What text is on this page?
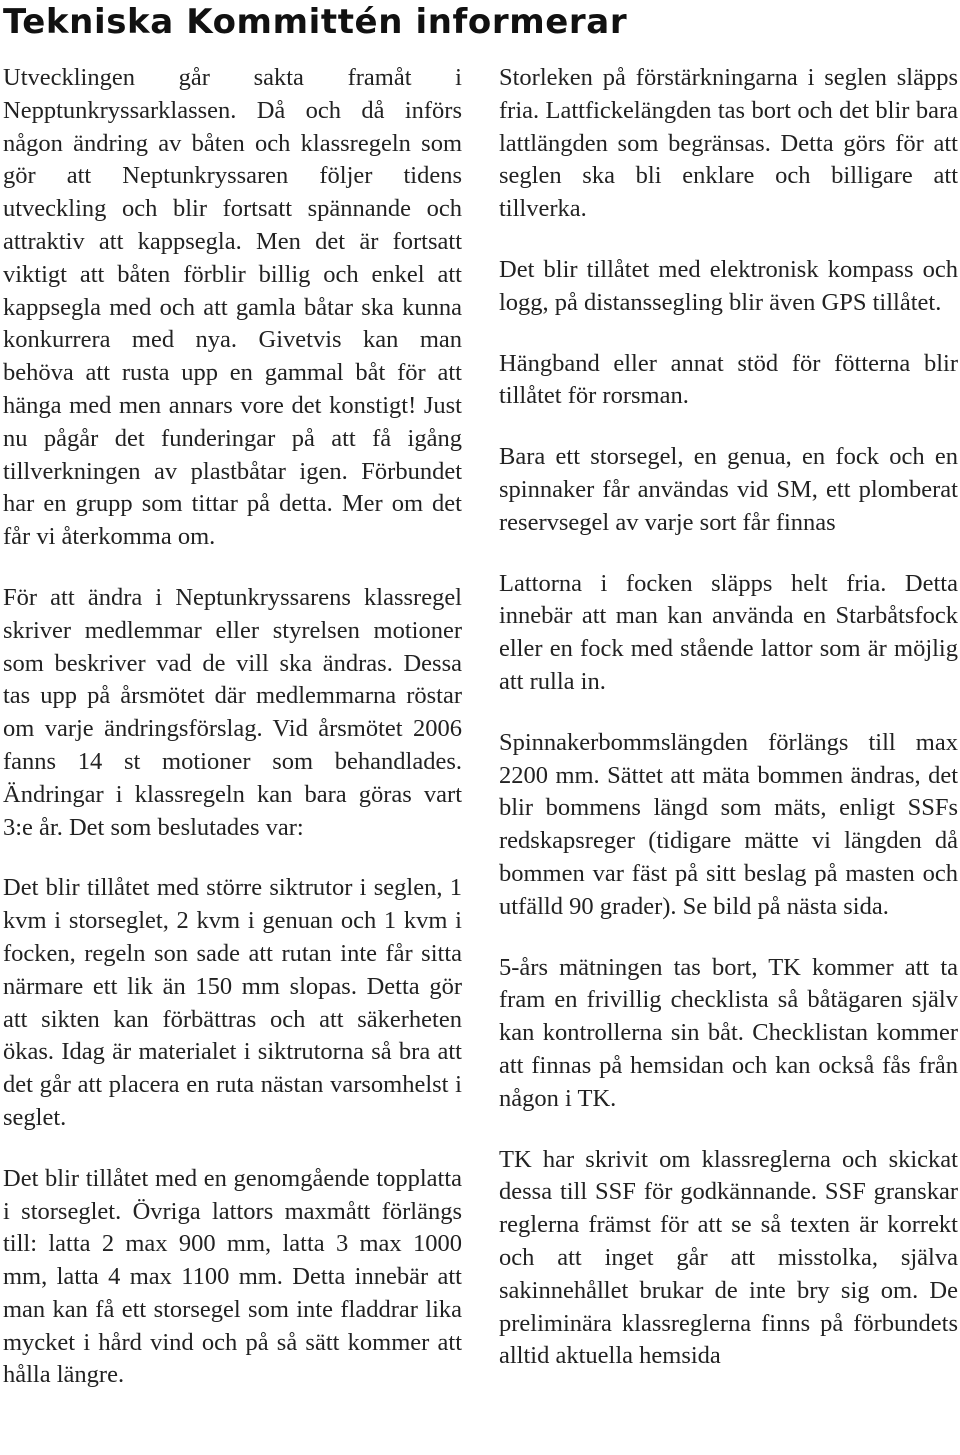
Tekniska Kommittén informerar

Utvecklingen går sakta framåt i Nepptunkryssarklassen. Då och då införs någon ändring av båten och klassregeln som gör att Neptunkryssaren följer tidens utveckling och blir fortsatt spännande och attraktiv att kappsegla. Men det är fortsatt viktigt att båten förblir billig och enkel att kappsegla med och att gamla båtar ska kunna konkurrera med nya. Givetvis kan man behöva att rusta upp en gammal båt för att hänga med men annars vore det konstigt! Just nu pågår det funderingar på att få igång tillverkningen av plastbåtar igen. Förbundet har en grupp som tittar på detta. Mer om det får vi återkomma om.

För att ändra i Neptunkryssarens klassregel skriver medlemmar eller styrelsen motioner som beskriver vad de vill ska ändras. Dessa tas upp på årsmötet där medlemmarna röstar om varje ändringsförslag. Vid årsmötet 2006 fanns 14 st motioner som behandlades. Ändringar i klassregeln kan bara göras vart 3:e år. Det som beslutades var:

Det blir tillåtet med större siktrutor i seglen, 1 kvm i storseglet, 2 kvm i genuan och 1 kvm i focken, regeln son sade att rutan inte får sitta närmare ett lik än 150 mm slopas. Detta gör att sikten kan förbättras och att säkerheten ökas. Idag är materialet i siktrutorna så bra att det går att placera en ruta nästan varsomhelst i seglet.

Det blir tillåtet med en genomgående topplatta i storseglet. Övriga lattors maxmått förlängs till: latta 2 max 900 mm, latta 3 max 1000 mm, latta 4 max 1100 mm. Detta innebär att man kan få ett storsegel som inte fladdrar lika mycket i hård vind och på så sätt kommer att hålla längre.

Storleken på förstärkningarna i seglen släpps fria. Lattfickelängden tas bort och det blir bara lattlängden som begränsas. Detta görs för att seglen ska bli enklare och billigare att tillverka.

Det blir tillåtet med elektronisk kompass och logg, på distanssegling blir även GPS tillåtet.

Hängband eller annat stöd för fötterna blir tillåtet för rorsman.

Bara ett storsegel, en genua, en fock och en spinnaker får användas vid SM, ett plomberat reservsegel av varje sort får finnas

Lattorna i focken släpps helt fria. Detta innebär att man kan använda en Starbåtsfock eller en fock med stående lattor som är möjlig att rulla in.

Spinnakerbommslängden förlängs till max 2200 mm. Sättet att mäta bommen ändras, det blir bommens längd som mäts, enligt SSFs redskapsreger (tidigare mätte vi längden då bommen var fäst på sitt beslag på masten och utfälld 90 grader). Se bild på nästa sida.

5-års mätningen tas bort, TK kommer att ta fram en frivillig checklista så båtägaren själv kan kontrollerna sin båt. Checklistan kommer att finnas på hemsidan och kan också fås från någon i TK.

TK har skrivit om klassreglerna och skickat dessa till SSF för godkännande. SSF granskar reglerna främst för att se så texten är korrekt och att inget går att misstolka, själva sakinnehållet brukar de inte bry sig om. De preliminära klassreglerna finns på förbundets alltid aktuella hemsida
